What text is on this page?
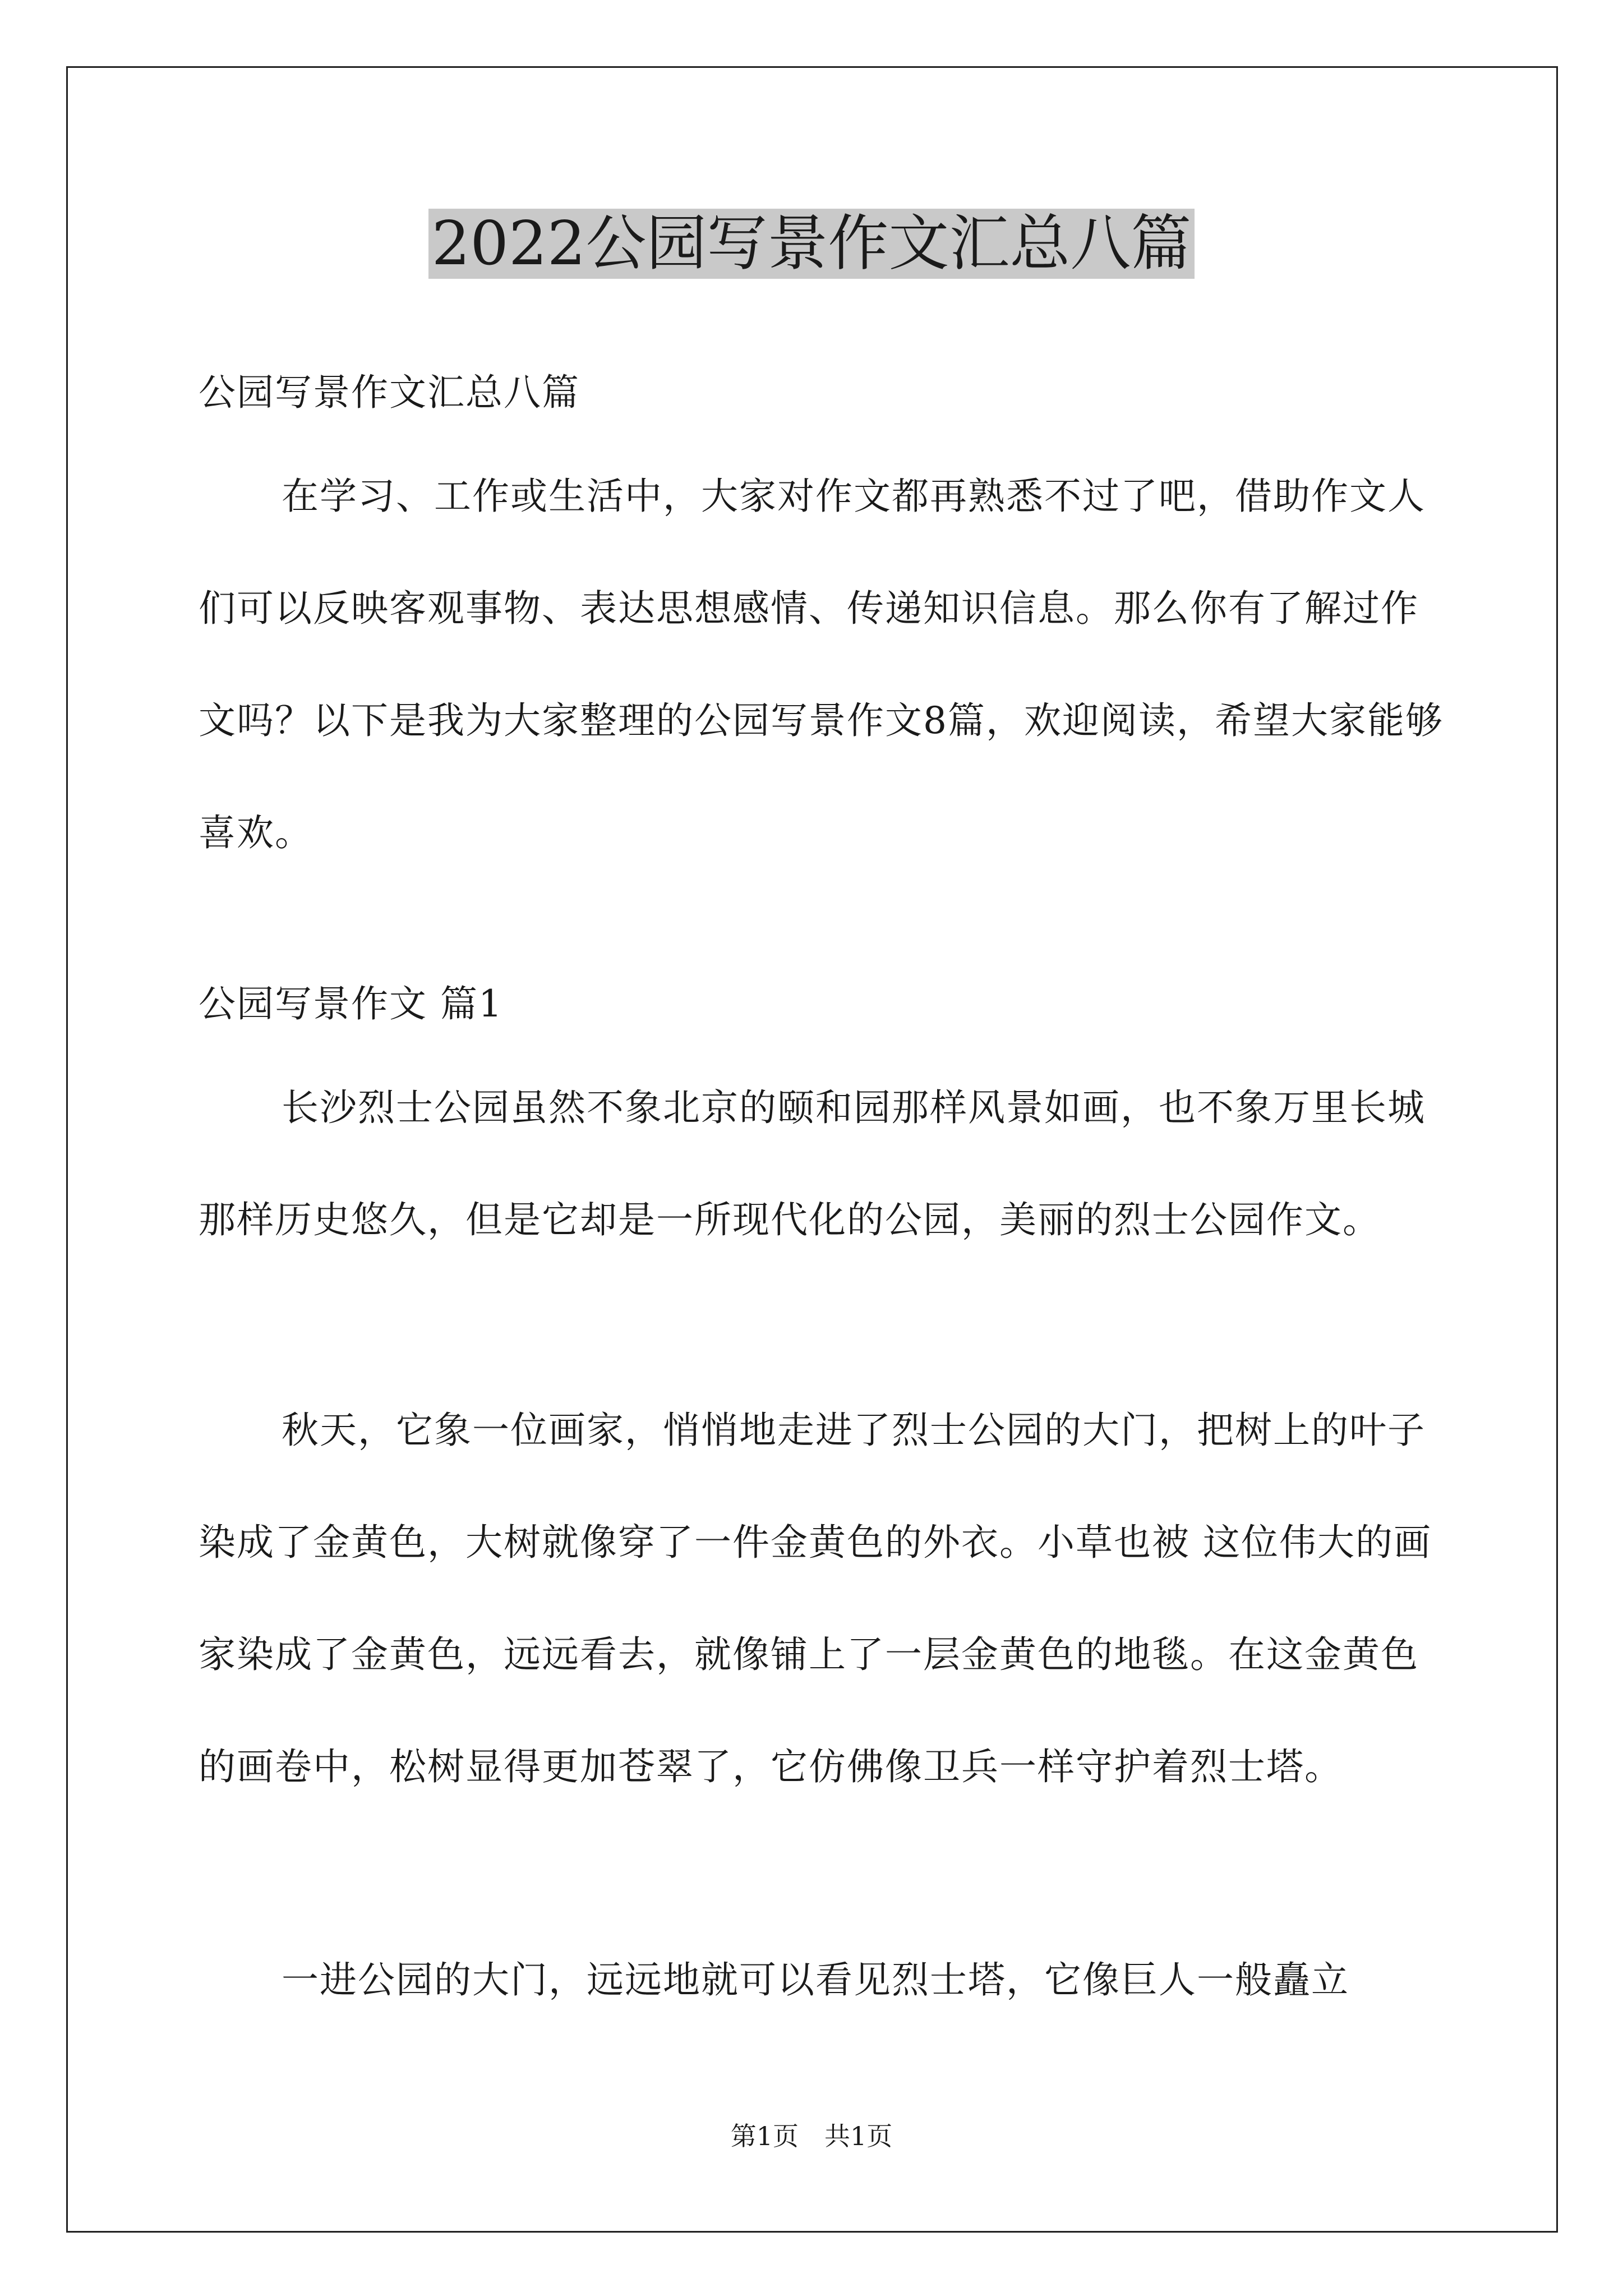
2022公园写景作文汇总八篇

公园写景作文汇总八篇

在学习、工作或生活中，大家对作文都再熟悉不过了吧，借助作文人们可以反映客观事物、表达思想感情、传递知识信息。那么你有了解过作文吗？以下是我为大家整理的公园写景作文8篇，欢迎阅读，希望大家能够喜欢。

公园写景作文 篇1

长沙烈士公园虽然不象北京的颐和园那样风景如画，也不象万里长城那样历史悠久，但是它却是一所现代化的公园，美丽的烈士公园作文。

秋天，它象一位画家，悄悄地走进了烈士公园的大门，把树上的叶子染成了金黄色，大树就像穿了一件金黄色的外衣。小草也被 这位伟大的画家染成了金黄色，远远看去，就像铺上了一层金黄色的地毯。在这金黄色的画卷中，松树显得更加苍翠了，它仿佛像卫兵一样守护着烈士塔。

一进公园的大门，远远地就可以看见烈士塔，它像巨人一般矗立

第1页 共1页
